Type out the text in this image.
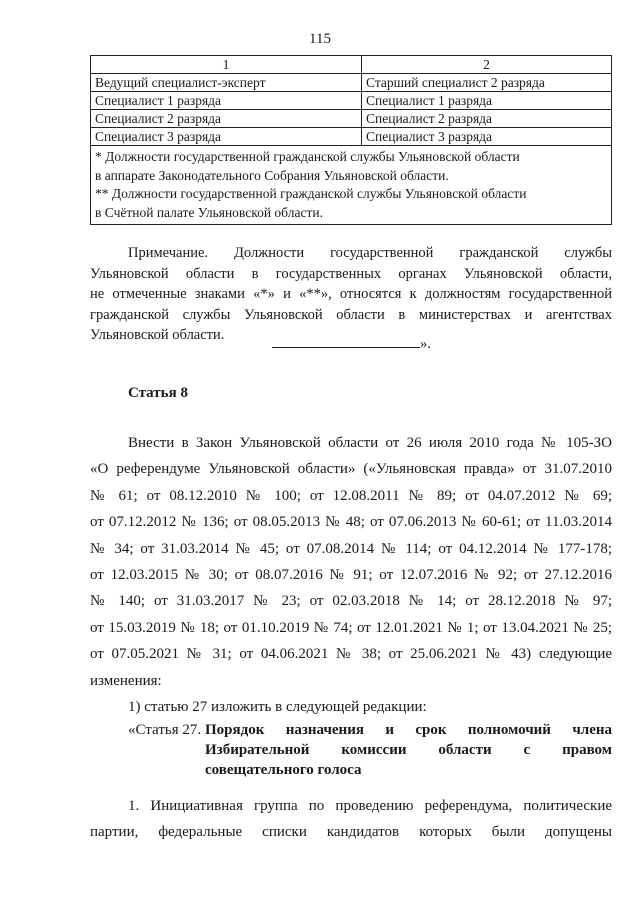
115
1	2
Ведущий специалист-эксперт	Старший специалист 2 разряда
Специалист 1 разряда	Специалист 1 разряда
Специалист 2 разряда	Специалист 2 разряда
Специалист 3 разряда	Специалист 3 разряда

* Должности государственной гражданской службы Ульяновской области
в аппарате Законодательного Собрания Ульяновской области.
** Должности государственной гражданской службы Ульяновской области
в Счётной палате Ульяновской области.	
Примечание. Должности государственной гражданской службы
Ульяновской области в государственных органах Ульяновской области,
не отмеченные знаками «*» и «**», относятся к должностям государственной
гражданской службы Ульяновской области в министерствах и агентствах
Ульяновской области.
».
Статья 8
Внести в Закон Ульяновской области от 26 июля 2010 года № 105-ЗО
«О референдуме Ульяновской области» («Ульяновская правда» от 31.07.2010
№ 61; от 08.12.2010 № 100; от 12.08.2011 № 89; от 04.07.2012 № 69;
от 07.12.2012 № 136; от 08.05.2013 № 48; от 07.06.2013 № 60-61; от 11.03.2014
№ 34; от 31.03.2014 № 45; от 07.08.2014 № 114; от 04.12.2014 № 177-178;
от 12.03.2015 № 30; от 08.07.2016 № 91; от 12.07.2016 № 92; от 27.12.2016
№ 140; от 31.03.2017 № 23; от 02.03.2018 № 14; от 28.12.2018 № 97;
от 15.03.2019 № 18; от 01.10.2019 № 74; от 12.01.2021 № 1; от 13.04.2021 № 25;
от 07.05.2021 № 31; от 04.06.2021 № 38; от 25.06.2021 № 43) следующие
изменения:
1) статью 27 изложить в следующей редакции:
«Статья 27. Порядок назначения и срок полномочий члена
Избирательной комиссии области с правом
совещательного голоса
1. Инициативная группа по проведению референдума, политические
партии, федеральные списки кандидатов которых были допущены
